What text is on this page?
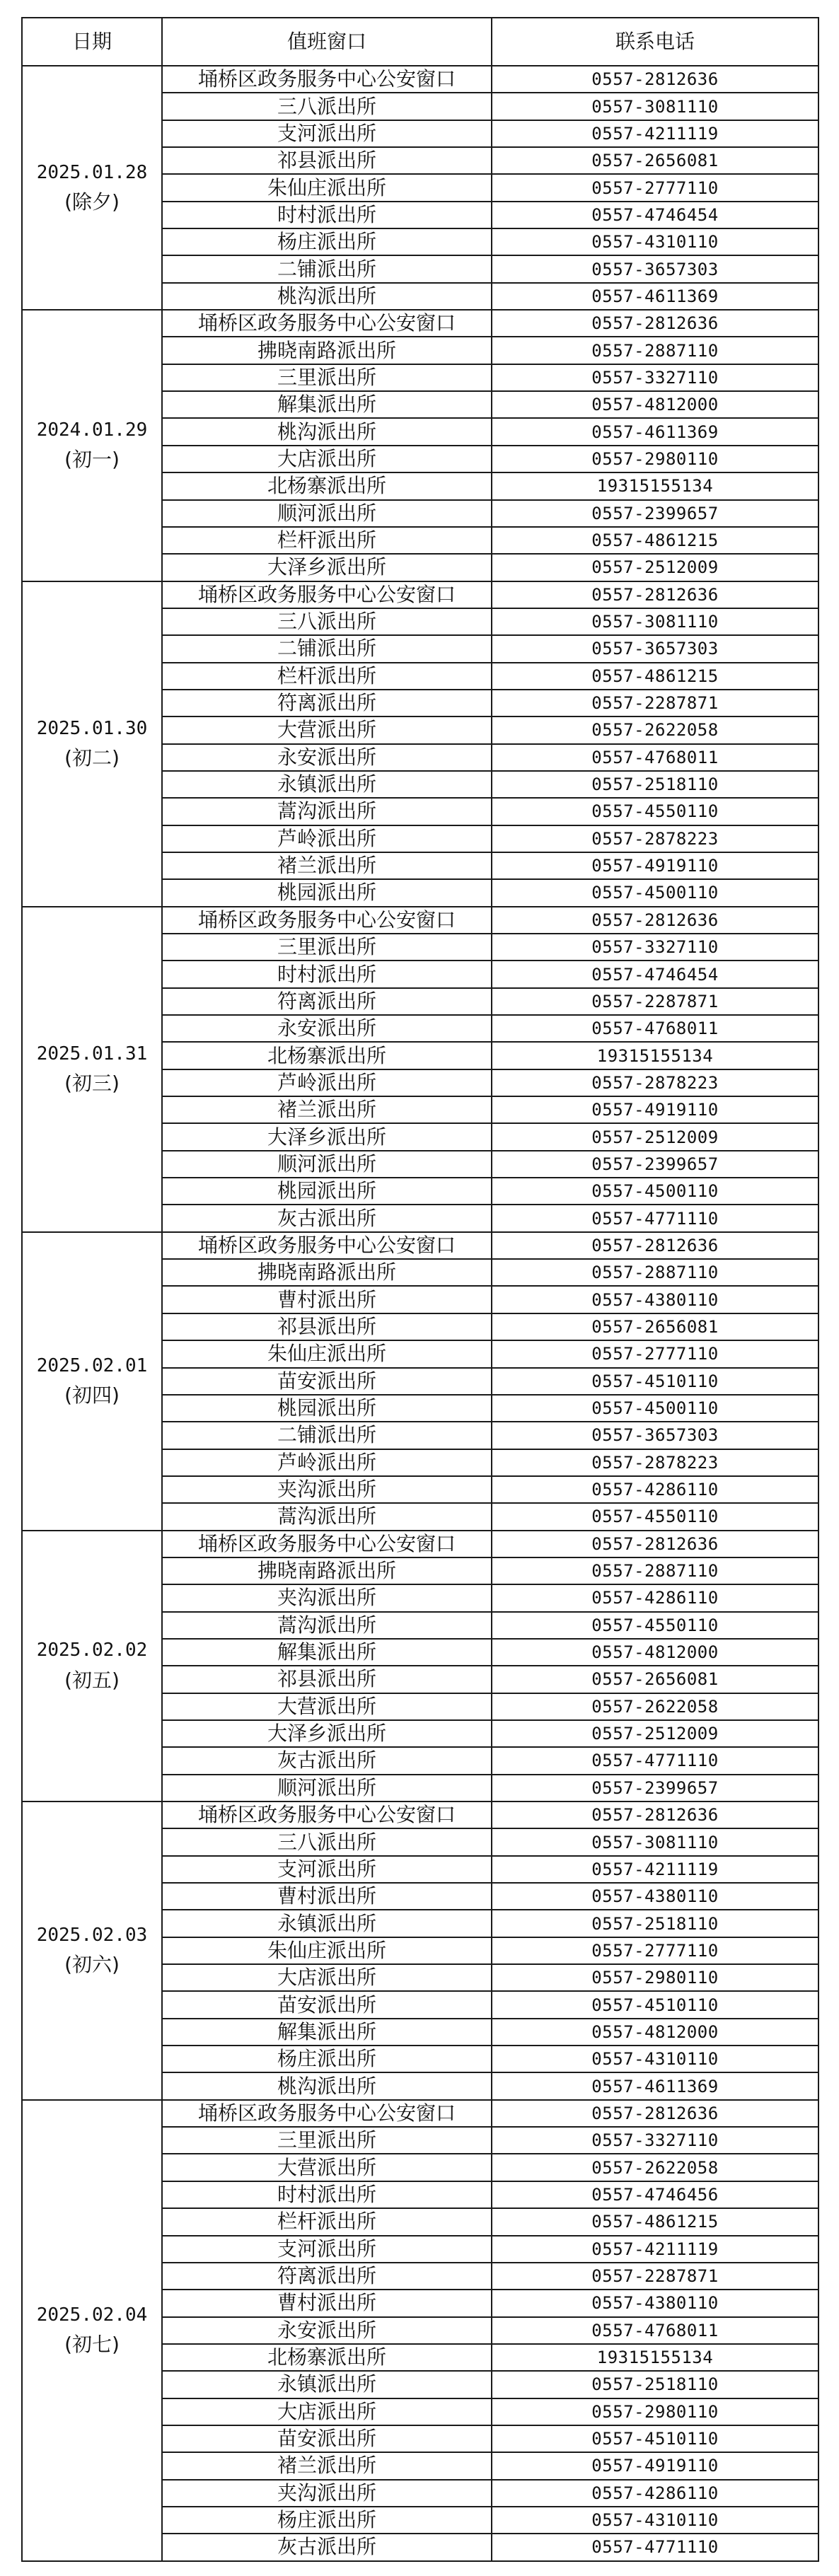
日期	值班窗口	联系电话

2025.01.28
(除夕)	埇桥区政务服务中心公安窗口	0557-2812636
	三八派出所	0557-3081110
	支河派出所	0557-4211119
	祁县派出所	0557-2656081
	朱仙庄派出所	0557-2777110
	时村派出所	0557-4746454
	杨庄派出所	0557-4310110
	二铺派出所	0557-3657303
	桃沟派出所	0557-4611369

2024.01.29
(初一)	埇桥区政务服务中心公安窗口	0557-2812636
	拂晓南路派出所	0557-2887110
	三里派出所	0557-3327110
	解集派出所	0557-4812000
	桃沟派出所	0557-4611369
	大店派出所	0557-2980110
	北杨寨派出所	19315155134
	顺河派出所	0557-2399657
	栏杆派出所	0557-4861215
	大泽乡派出所	0557-2512009

2025.01.30
(初二)	埇桥区政务服务中心公安窗口	0557-2812636
	三八派出所	0557-3081110
	二铺派出所	0557-3657303
	栏杆派出所	0557-4861215
	符离派出所	0557-2287871
	大营派出所	0557-2622058
	永安派出所	0557-4768011
	永镇派出所	0557-2518110
	蒿沟派出所	0557-4550110
	芦岭派出所	0557-2878223
	褚兰派出所	0557-4919110
	桃园派出所	0557-4500110

2025.01.31
(初三)	埇桥区政务服务中心公安窗口	0557-2812636
	三里派出所	0557-3327110
	时村派出所	0557-4746454
	符离派出所	0557-2287871
	永安派出所	0557-4768011
	北杨寨派出所	19315155134
	芦岭派出所	0557-2878223
	褚兰派出所	0557-4919110
	大泽乡派出所	0557-2512009
	顺河派出所	0557-2399657
	桃园派出所	0557-4500110
	灰古派出所	0557-4771110

2025.02.01
(初四)	埇桥区政务服务中心公安窗口	0557-2812636
	拂晓南路派出所	0557-2887110
	曹村派出所	0557-4380110
	祁县派出所	0557-2656081
	朱仙庄派出所	0557-2777110
	苗安派出所	0557-4510110
	桃园派出所	0557-4500110
	二铺派出所	0557-3657303
	芦岭派出所	0557-2878223
	夹沟派出所	0557-4286110
	蒿沟派出所	0557-4550110

2025.02.02
(初五)	埇桥区政务服务中心公安窗口	0557-2812636
	拂晓南路派出所	0557-2887110
	夹沟派出所	0557-4286110
	蒿沟派出所	0557-4550110
	解集派出所	0557-4812000
	祁县派出所	0557-2656081
	大营派出所	0557-2622058
	大泽乡派出所	0557-2512009
	灰古派出所	0557-4771110
	顺河派出所	0557-2399657

2025.02.03
(初六)	埇桥区政务服务中心公安窗口	0557-2812636
	三八派出所	0557-3081110
	支河派出所	0557-4211119
	曹村派出所	0557-4380110
	永镇派出所	0557-2518110
	朱仙庄派出所	0557-2777110
	大店派出所	0557-2980110
	苗安派出所	0557-4510110
	解集派出所	0557-4812000
	杨庄派出所	0557-4310110
	桃沟派出所	0557-4611369

2025.02.04
(初七)	埇桥区政务服务中心公安窗口	0557-2812636
	三里派出所	0557-3327110
	大营派出所	0557-2622058
	时村派出所	0557-4746456
	栏杆派出所	0557-4861215
	支河派出所	0557-4211119
	符离派出所	0557-2287871
	曹村派出所	0557-4380110
	永安派出所	0557-4768011
	北杨寨派出所	19315155134
	永镇派出所	0557-2518110
	大店派出所	0557-2980110
	苗安派出所	0557-4510110
	褚兰派出所	0557-4919110
	夹沟派出所	0557-4286110
	杨庄派出所	0557-4310110
	灰古派出所	0557-4771110
